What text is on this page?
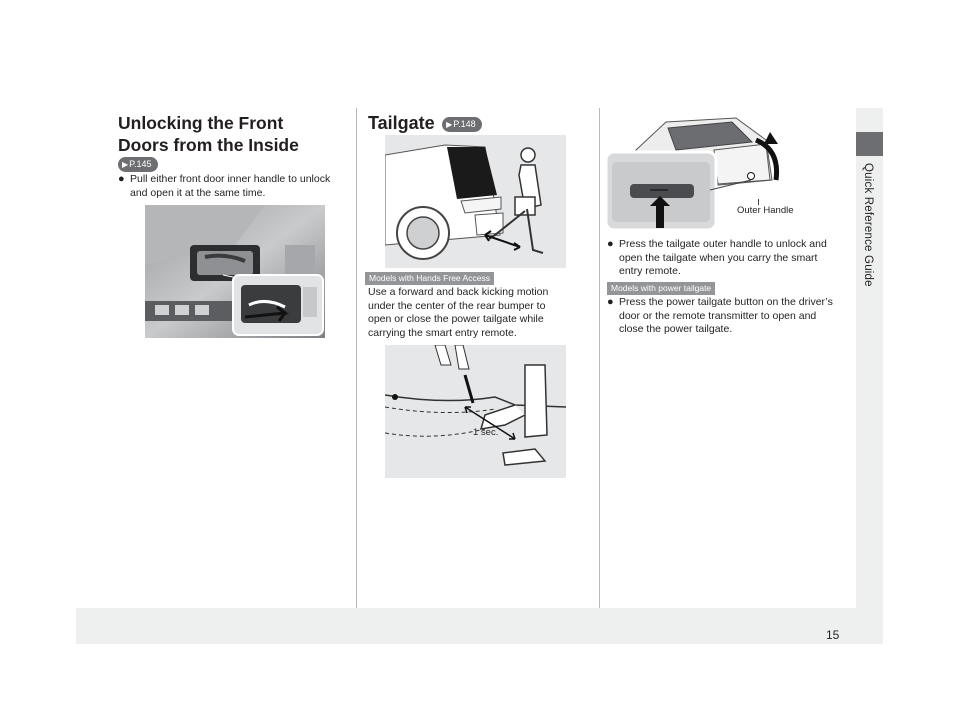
Quick Reference Guide
15
Unlocking the Front
Doors from the Inside
▶P.145
● Pull either front door inner handle to unlock and open it at the same time.
Tailgate ▶P.148
Models with Hands Free Access
Use a forward and back kicking motion under the center of the rear bumper to open or close the power tailgate while carrying the smart entry remote.
1 sec.
Outer Handle
● Press the tailgate outer handle to unlock and open the tailgate when you carry the smart entry remote.
Models with power tailgate
● Press the power tailgate button on the driver’s door or the remote transmitter to open and close the power tailgate.
